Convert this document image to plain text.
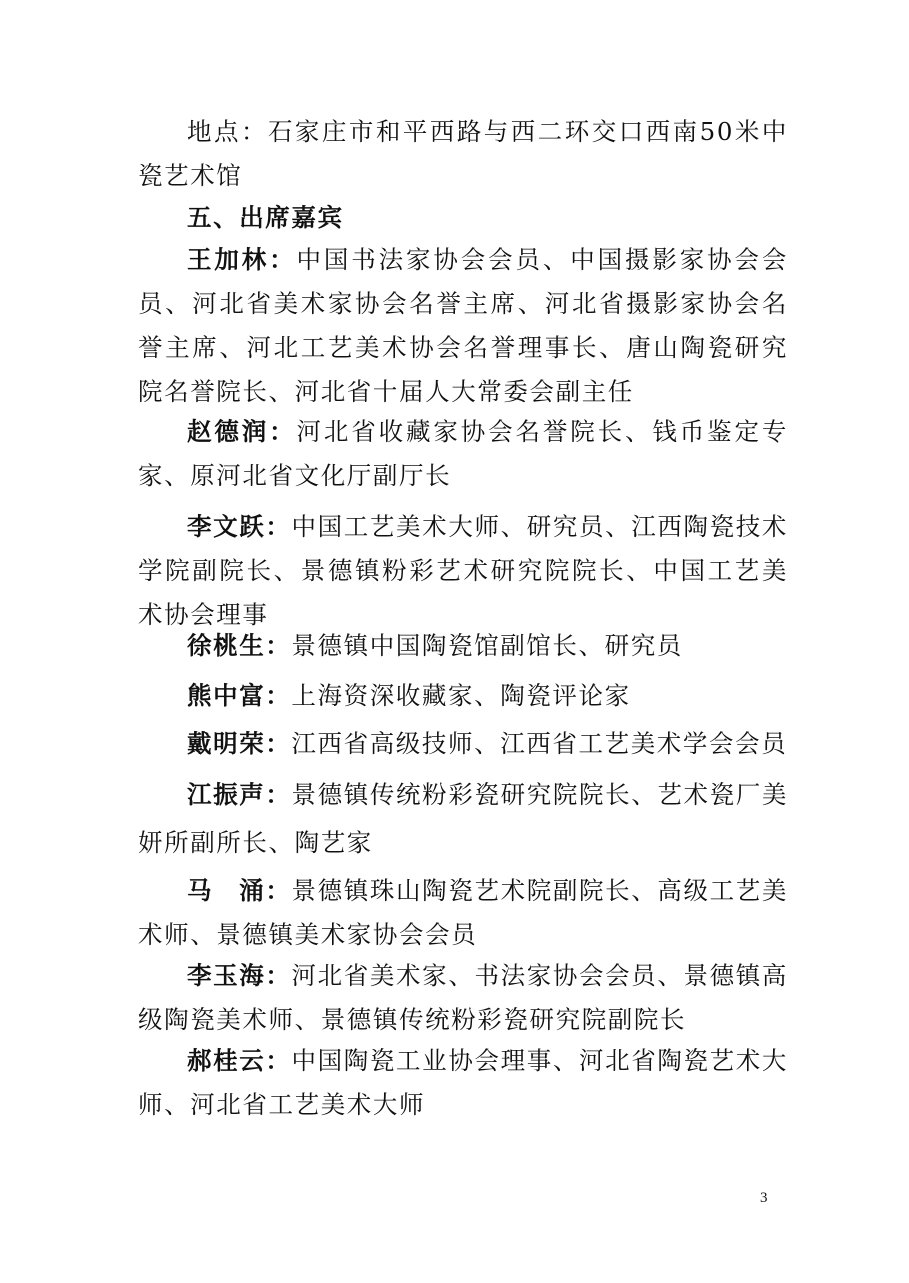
地点：石家庄市和平西路与西二环交口西南50米中瓷艺术馆

五、出席嘉宾

王加林：中国书法家协会会员、中国摄影家协会会员、河北省美术家协会名誉主席、河北省摄影家协会名誉主席、河北工艺美术协会名誉理事长、唐山陶瓷研究院名誉院长、河北省十届人大常委会副主任

赵德润：河北省收藏家协会名誉院长、钱币鉴定专家、原河北省文化厅副厅长

李文跃：中国工艺美术大师、研究员、江西陶瓷技术学院副院长、景德镇粉彩艺术研究院院长、中国工艺美术协会理事

徐桃生：景德镇中国陶瓷馆副馆长、研究员

熊中富：上海资深收藏家、陶瓷评论家

戴明荣：江西省高级技师、江西省工艺美术学会会员

江振声：景德镇传统粉彩瓷研究院院长、艺术瓷厂美妍所副所长、陶艺家

马　涌：景德镇珠山陶瓷艺术院副院长、高级工艺美术师、景德镇美术家协会会员

李玉海：河北省美术家、书法家协会会员、景德镇高级陶瓷美术师、景德镇传统粉彩瓷研究院副院长

郝桂云：中国陶瓷工业协会理事、河北省陶瓷艺术大师、河北省工艺美术大师

3
